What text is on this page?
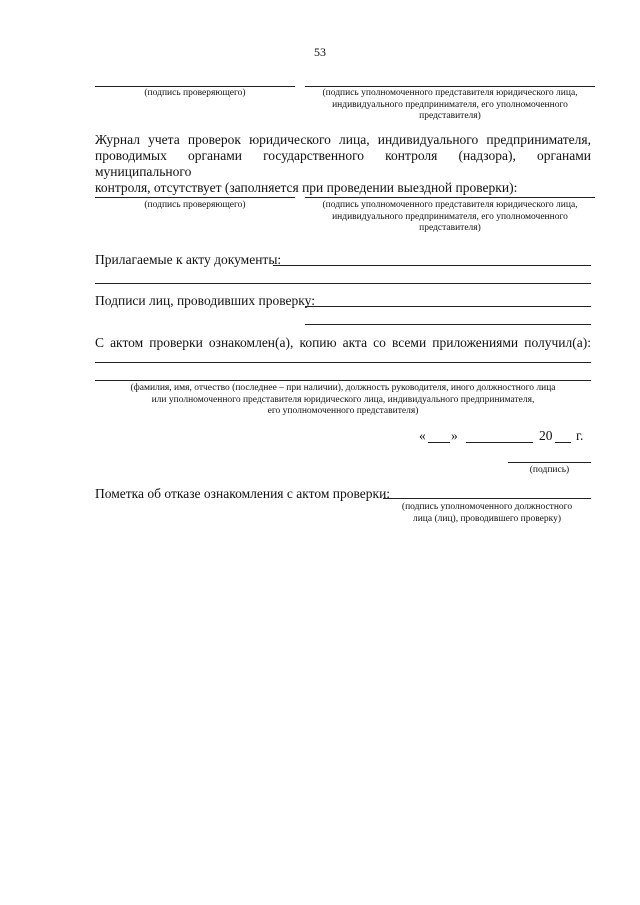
53
(подпись проверяющего)	(подпись уполномоченного представителя юридического лица,
индивидуального предпринимателя, его уполномоченного
представителя)
Журнал учета проверок юридического лица, индивидуального предпринимателя,
проводимых органами государственного контроля (надзора), органами муниципального
контроля, отсутствует (заполняется при проведении выездной проверки):
(подпись проверяющего)	(подпись уполномоченного представителя юридического лица,
индивидуального предпринимателя, его уполномоченного
представителя)
Прилагаемые к акту документы:
Подписи лиц, проводивших проверку:
С актом проверки ознакомлен(а), копию акта со всеми приложениями получил(а):
(фамилия, имя, отчество (последнее – при наличии), должность руководителя, иного должностного лица
или уполномоченного представителя юридического лица, индивидуального предпринимателя,
его уполномоченного представителя)
« »	20 г.
(подпись)
Пометка об отказе ознакомления с актом проверки:
(подпись уполномоченного должностного
лица (лиц), проводившего проверку)
